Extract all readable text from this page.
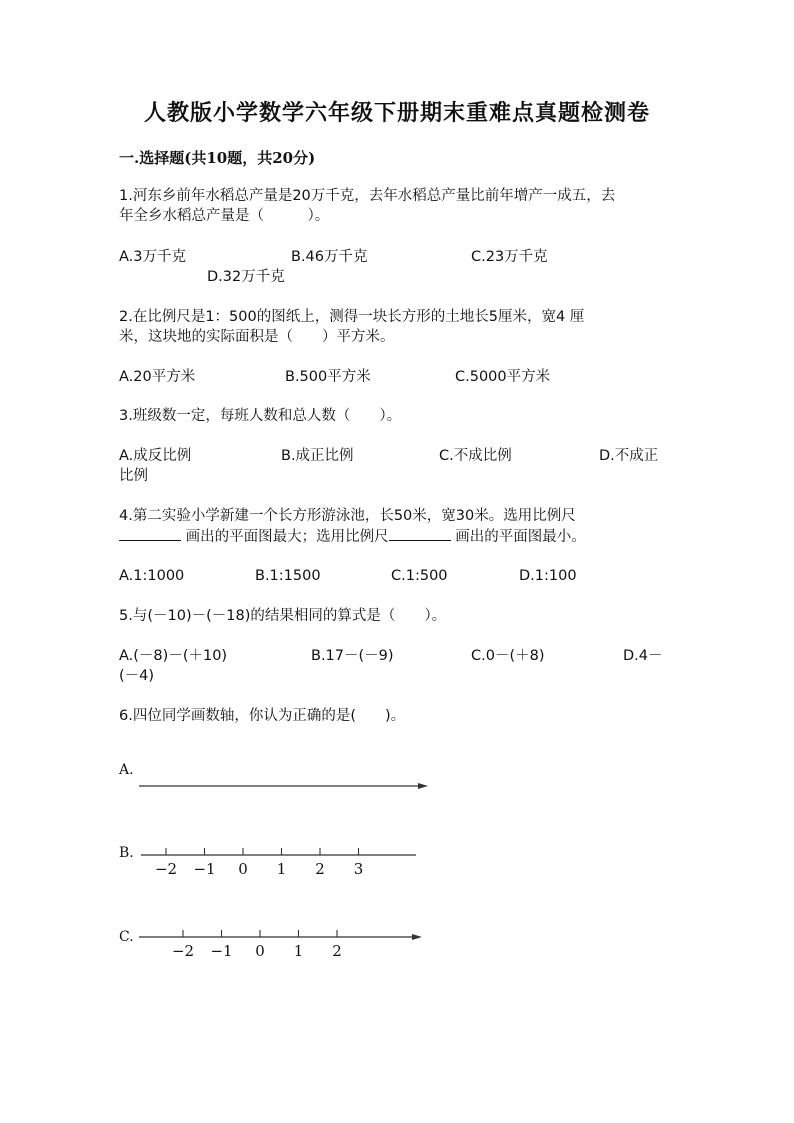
人教版小学数学六年级下册期末重难点真题检测卷
一.选择题(共10题，共20分)
1.河东乡前年水稻总产量是20万千克，去年水稻总产量比前年增产一成五，去
年全乡水稻总产量是（　　　）。
A.3万千克	B.46万千克	C.23万千克
D.32万千克
2.在比例尺是1：500的图纸上，测得一块长方形的土地长5厘米，宽4 厘
米，这块地的实际面积是（　　）平方米。
A.20平方米	B.500平方米	C.5000平方米
3.班级数一定，每班人数和总人数（　　）。
A.成反比例	B.成正比例	C.不成比例	D.不成正
比例
4.第二实验小学新建一个长方形游泳池，长50米，宽30米。选用比例尺
画出的平面图最大；选用比例尺	画出的平面图最小。
A.1:1000	B.1:1500	C.1:500	D.1:100
5.与(－10)－(－18)的结果相同的算式是（　　）。
A.(－8)－(＋10)	B.17－(－9)	C.0－(＋8)	D.4－
(－4)
6.四位同学画数轴，你认为正确的是(　　)。
A.
B.
−2 −1 0 1 2 3
C.
−2 −1 0 1 2
